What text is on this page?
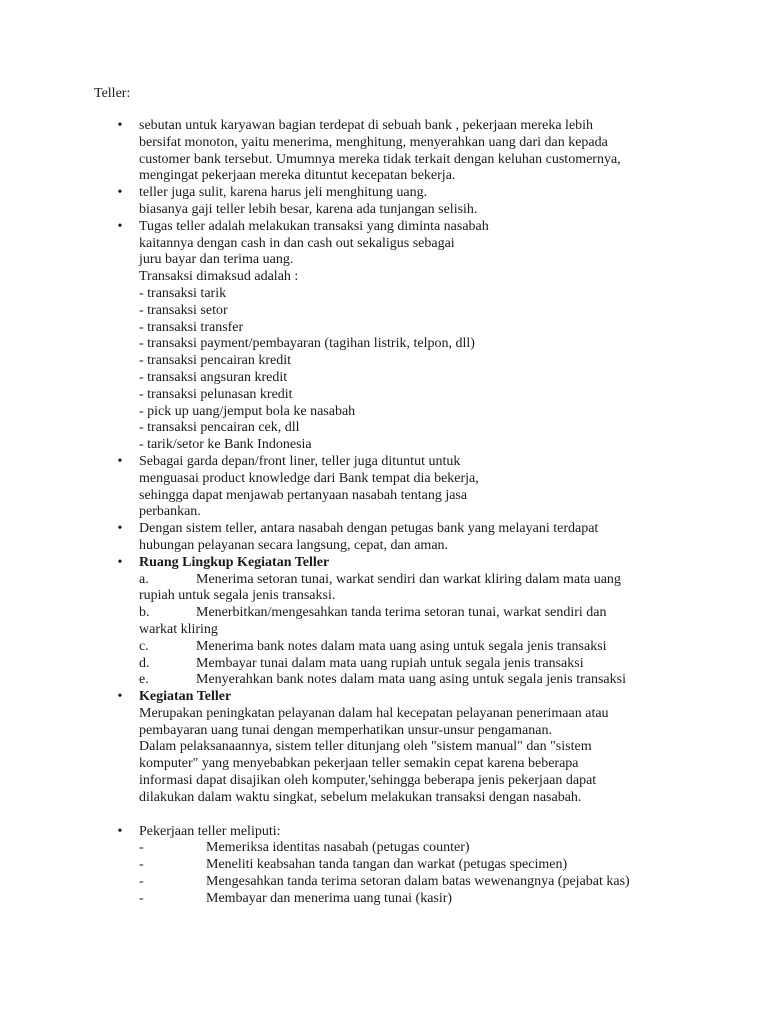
Teller:

• sebutan untuk karyawan bagian terdepat di sebuah bank , pekerjaan mereka lebih
bersifat monoton, yaitu menerima, menghitung, menyerahkan uang dari dan kepada
customer bank tersebut. Umumnya mereka tidak terkait dengan keluhan customernya,
mengingat pekerjaan mereka dituntut kecepatan bekerja.
• teller juga sulit, karena harus jeli menghitung uang.
biasanya gaji teller lebih besar, karena ada tunjangan selisih.
• Tugas teller adalah melakukan transaksi yang diminta nasabah
kaitannya dengan cash in dan cash out sekaligus sebagai
juru bayar dan terima uang.
Transaksi dimaksud adalah :
- transaksi tarik
- transaksi setor
- transaksi transfer
- transaksi payment/pembayaran (tagihan listrik, telpon, dll)
- transaksi pencairan kredit
- transaksi angsuran kredit
- transaksi pelunasan kredit
- pick up uang/jemput bola ke nasabah
- transaksi pencairan cek, dll
- tarik/setor ke Bank Indonesia
• Sebagai garda depan/front liner, teller juga dituntut untuk
menguasai product knowledge dari Bank tempat dia bekerja,
sehingga dapat menjawab pertanyaan nasabah tentang jasa
perbankan.
• Dengan sistem teller, antara nasabah dengan petugas bank yang melayani terdapat
hubungan pelayanan secara langsung, cepat, dan aman.
• Ruang Lingkup Kegiatan Teller
a.	Menerima setoran tunai, warkat sendiri dan warkat kliring dalam mata uang
rupiah untuk segala jenis transaksi.
b.	Menerbitkan/mengesahkan tanda terima setoran tunai, warkat sendiri dan
warkat kliring
c.	Menerima bank notes dalam mata uang asing untuk segala jenis transaksi
d.	Membayar tunai dalam mata uang rupiah untuk segala jenis transaksi
e.	Menyerahkan bank notes dalam mata uang asing untuk segala jenis transaksi
• Kegiatan Teller
Merupakan peningkatan pelayanan dalam hal kecepatan pelayanan penerimaan atau
pembayaran uang tunai dengan memperhatikan unsur-unsur pengamanan.
Dalam pelaksanaannya, sistem teller ditunjang oleh "sistem manual" dan "sistem
komputer" yang menyebabkan pekerjaan teller semakin cepat karena beberapa
informasi dapat disajikan oleh komputer,'sehingga beberapa jenis pekerjaan dapat
dilakukan dalam waktu singkat, sebelum melakukan transaksi dengan nasabah.
• Pekerjaan teller meliputi:
-	Memeriksa identitas nasabah (petugas counter)
-	Meneliti keabsahan tanda tangan dan warkat (petugas specimen)
-	Mengesahkan tanda terima setoran dalam batas wewenangnya (pejabat kas)
-	Membayar dan menerima uang tunai (kasir)
